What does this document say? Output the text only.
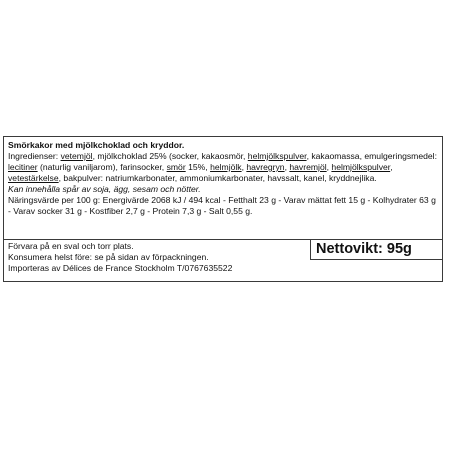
Smörkakor med mjölkchoklad och kryddor.
Ingredienser: vetemjöl, mjölkchoklad 25% (socker, kakaosmör, helmjölkspulver, kakaomassa, emulgeringsmedel: lecitiner (naturlig vaniljarom), farinsocker, smör 15%, helmjölk, havregryn, havremjöl, helmjölkspulver, vetestärkelse, bakpulver: natriumkarbonater, ammoniumkarbonater, havssalt, kanel, kryddnejlika.
Kan innehålla spår av soja, ägg, sesam och nötter.
Näringsvärde per 100 g: Energivärde 2068 kJ / 494 kcal - Fetthalt 23 g - Varav mättat fett 15 g - Kolhydrater 63 g - Varav socker 31 g - Kostfiber 2,7 g - Protein 7,3 g - Salt 0,55 g.
Förvara på en sval och torr plats.
Konsumera helst före: se på sidan av förpackningen.
Importeras av Délices de France Stockholm T/0767635522
Nettovikt: 95g
